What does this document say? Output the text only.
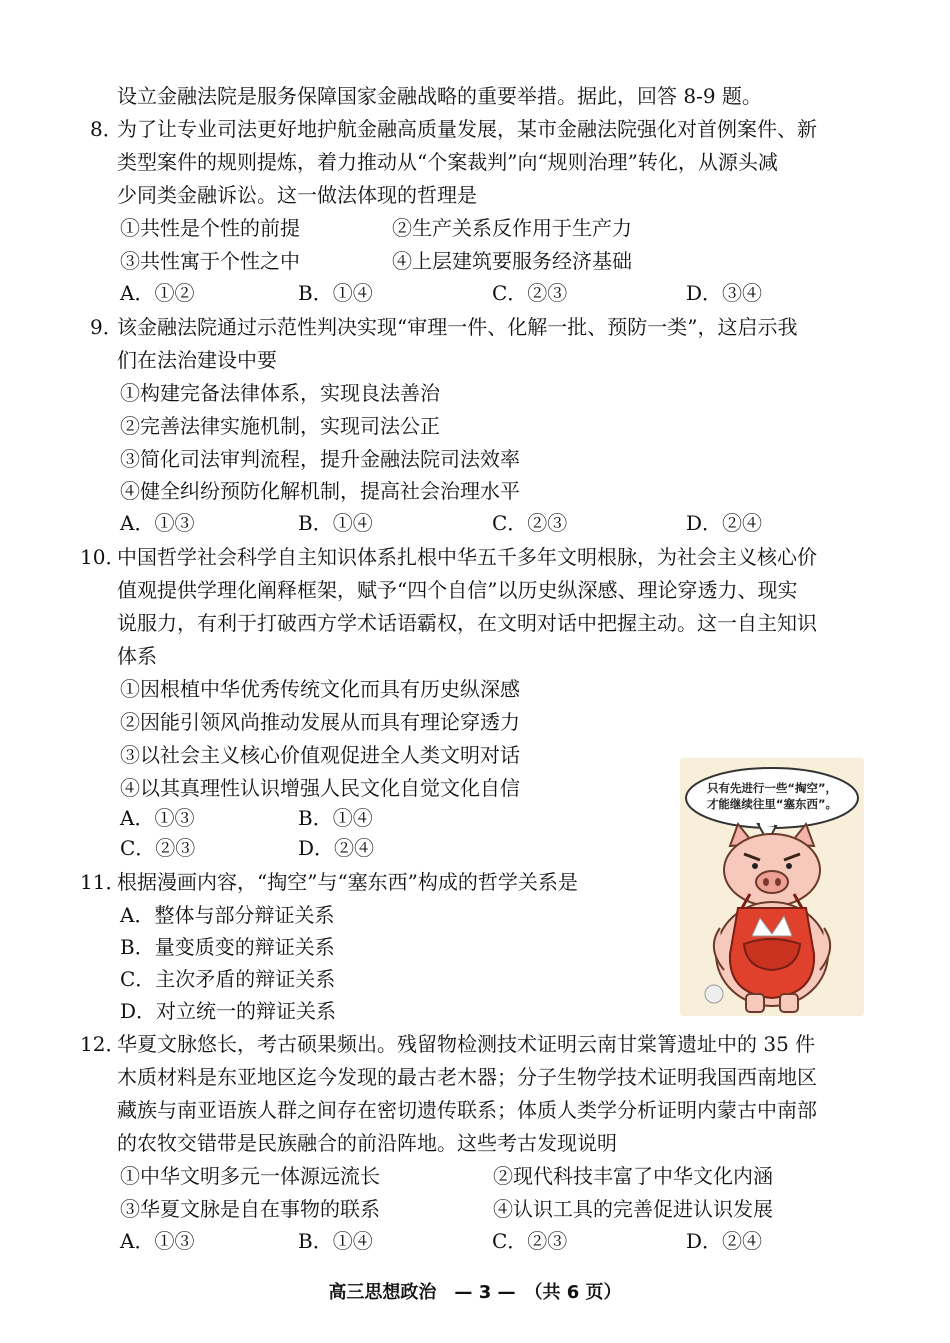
设立金融法院是服务保障国家金融战略的重要举措。据此，回答 8-9 题。
8．
为了让专业司法更好地护航金融高质量发展，某市金融法院强化对首例案件、新
类型案件的规则提炼，着力推动从“个案裁判”向“规则治理”转化，从源头减
少同类金融诉讼。这一做法体现的哲理是
①共性是个性的前提	②生产关系反作用于生产力
③共性寓于个性之中	④上层建筑要服务经济基础
A．①②	B．①④	C．②③	D．③④
9．
该金融法院通过示范性判决实现“审理一件、化解一批、预防一类”，这启示我
们在法治建设中要
①构建完备法律体系，实现良法善治
②完善法律实施机制，实现司法公正
③简化司法审判流程，提升金融法院司法效率
④健全纠纷预防化解机制，提高社会治理水平
A．①③	B．①④	C．②③	D．②④
10．
中国哲学社会科学自主知识体系扎根中华五千多年文明根脉，为社会主义核心价
值观提供学理化阐释框架，赋予“四个自信”以历史纵深感、理论穿透力、现实
说服力，有利于打破西方学术话语霸权，在文明对话中把握主动。这一自主知识
体系
①因根植中华优秀传统文化而具有历史纵深感
②因能引领风尚推动发展从而具有理论穿透力
③以社会主义核心价值观促进全人类文明对话
④以其真理性认识增强人民文化自觉文化自信
A．①③	B．①④
C．②③	D．②④
11．
根据漫画内容，“掏空”与“塞东西”构成的哲学关系是
A．整体与部分辩证关系
B．量变质变的辩证关系
C．主次矛盾的辩证关系
D．对立统一的辩证关系
只有先进行一些“掏空”，
才能继续往里“塞东西”。
12．
华夏文脉悠长，考古硕果频出。残留物检测技术证明云南甘棠箐遗址中的 35 件
木质材料是东亚地区迄今发现的最古老木器；分子生物学技术证明我国西南地区
藏族与南亚语族人群之间存在密切遗传联系；体质人类学分析证明内蒙古中南部
的农牧交错带是民族融合的前沿阵地。这些考古发现说明
①中华文明多元一体源远流长	②现代科技丰富了中华文化内涵
③华夏文脉是自在事物的联系	④认识工具的完善促进认识发展
A．①③	B．①④	C．②③	D．②④
高三思想政治　— 3 —　（共 6 页）
